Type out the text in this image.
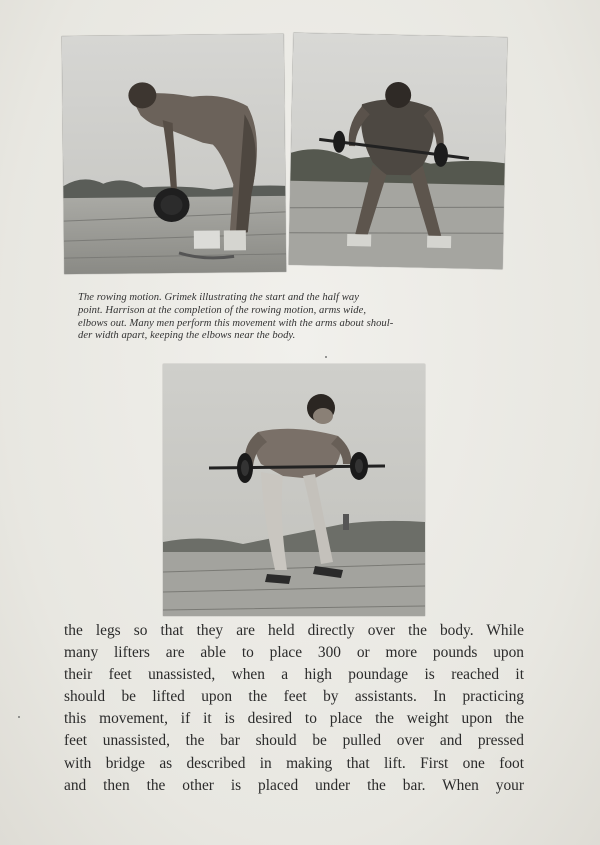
The rowing motion. Grimek illustrating the start and the half way
point. Harrison at the completion of the rowing motion, arms wide,
elbows out. Many men perform this movement with the arms about shoul-
der width apart, keeping the elbows near the body.
the legs so that they are held directly over the body. While
many lifters are able to place 300 or more pounds upon
their feet unassisted, when a high poundage is reached it
should be lifted upon the feet by assistants. In practicing
this movement, if it is desired to place the weight upon the
feet unassisted, the bar should be pulled over and pressed
with bridge as described in making that lift. First one foot
and then the other is placed under the bar. When your
